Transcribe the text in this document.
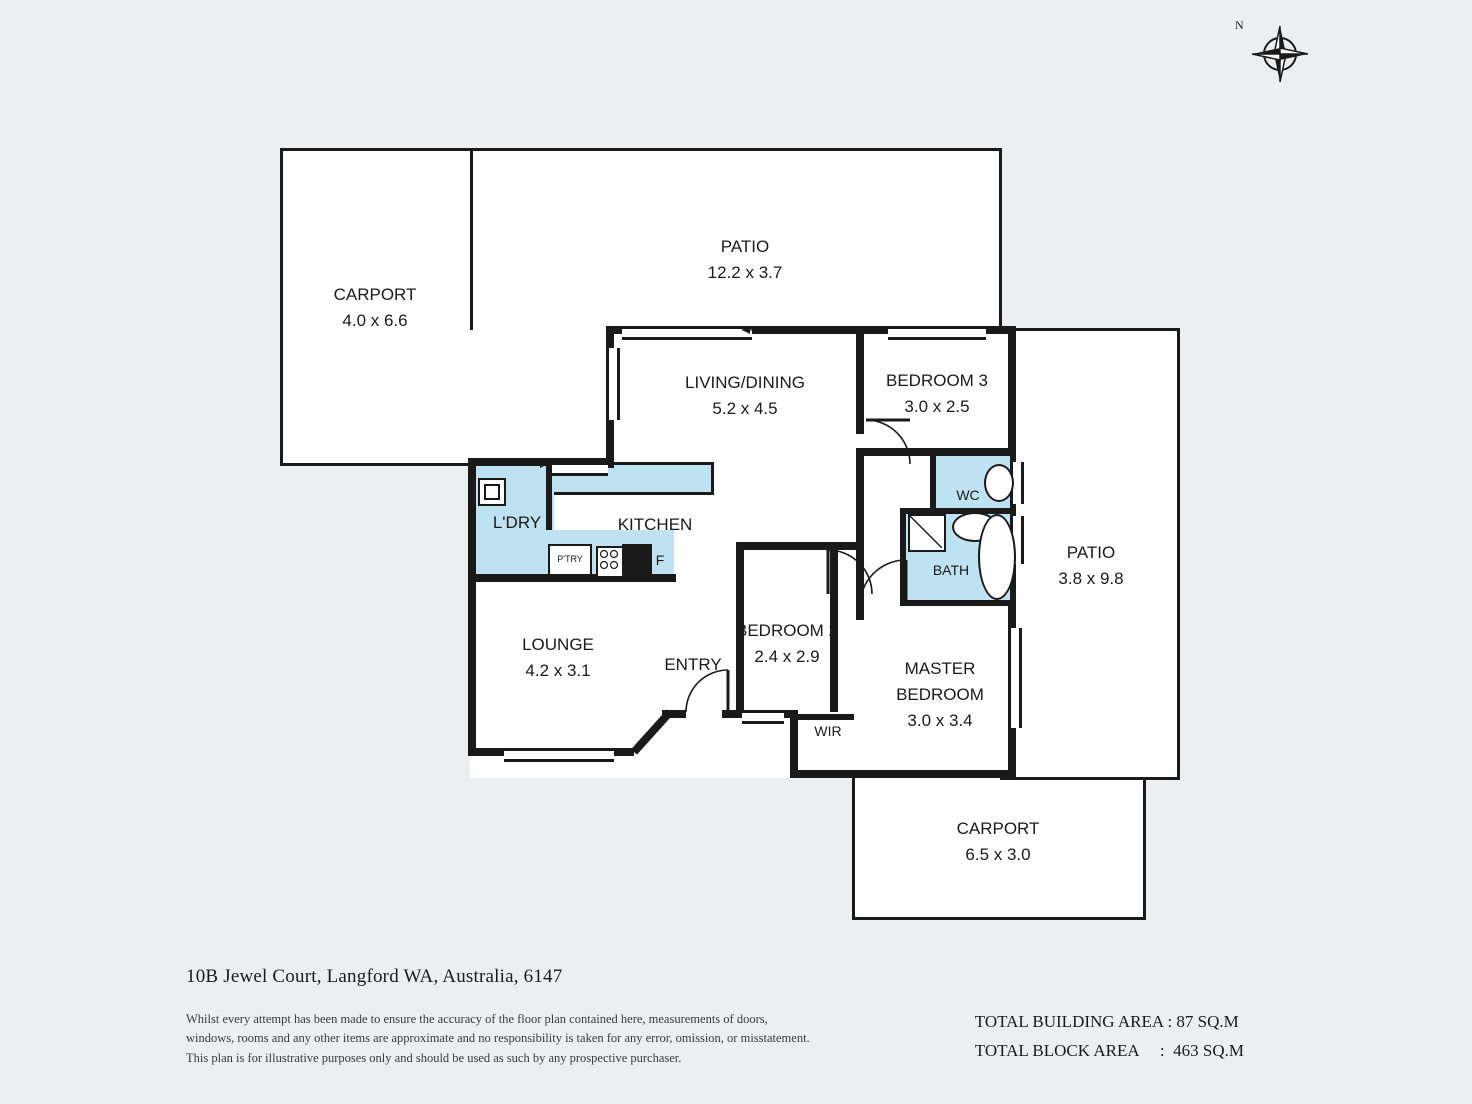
N
CARPORT
4.0 x 6.6
PATIO
12.2 x 3.7
LIVING/DINING
5.2 x 4.5
BEDROOM 3
3.0 x 2.5
PATIO
3.8 x 9.8
LOUNGE
4.2 x 3.1
BEDROOM 2
2.4 x 2.9
MASTER
BEDROOM
3.0 x 3.4
CARPORT
6.5 x 3.0
L'DRY	KITCHEN
P'TRY	F
WC
BATH
ENTRY
WIR
10B Jewel Court, Langford WA, Australia, 6147
Whilst every attempt has been made to ensure the accuracy of the floor plan contained here, measurements of doors,
windows, rooms and any other items are approximate and no responsibility is taken for any error, omission, or misstatement.
This plan is for illustrative purposes only and should be used as such by any prospective purchaser.
TOTAL BUILDING AREA : 87 SQ.M
TOTAL BLOCK AREA     :  463 SQ.M
